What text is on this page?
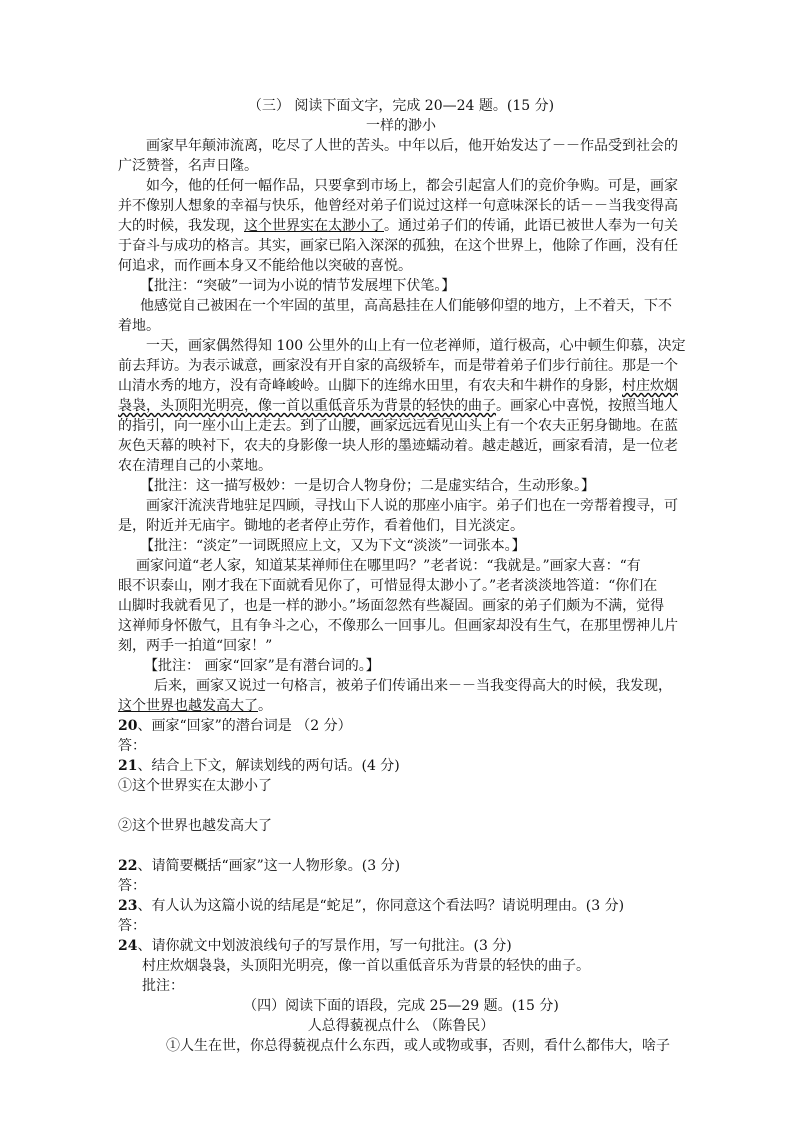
（三） 阅读下面文字，完成 20—24 题。(15 分)
一样的渺小
画家早年颠沛流离，吃尽了人世的苦头。中年以后，他开始发达了－－作品受到社会的
广泛赞誉，名声日隆。
如今，他的任何一幅作品，只要拿到市场上，都会引起富人们的竞价争购。可是，画家
并不像别人想象的幸福与快乐，他曾经对弟子们说过这样一句意味深长的话－－当我变得高
大的时候，我发现，这个世界实在太渺小了。通过弟子们的传诵，此语已被世人奉为一句关
于奋斗与成功的格言。其实，画家已陷入深深的孤独，在这个世界上，他除了作画，没有任
何追求，而作画本身又不能给他以突破的喜悦。
【批注：“突破”一词为小说的情节发展埋下伏笔。】
他感觉自己被困在一个牢固的茧里，高高悬挂在人们能够仰望的地方，上不着天，下不
着地。
一天，画家偶然得知 100 公里外的山上有一位老禅师，道行极高，心中顿生仰慕，决定
前去拜访。为表示诚意，画家没有开自家的高级轿车，而是带着弟子们步行前往。那是一个
山清水秀的地方，没有奇峰峻岭。山脚下的连绵水田里，有农夫和牛耕作的身影，村庄炊烟
袅袅，头顶阳光明亮，像一首以重低音乐为背景的轻快的曲子。画家心中喜悦，按照当地人
的指引，向一座小山上走去。到了山腰，画家远远看见山头上有一个农夫正躬身锄地。在蓝
灰色天幕的映衬下，农夫的身影像一块人形的墨迹蠕动着。越走越近，画家看清，是一位老
农在清理自己的小菜地。
【批注：这一描写极妙：一是切合人物身份；二是虚实结合，生动形象。】
画家汗流浃背地驻足四顾，寻找山下人说的那座小庙宇。弟子们也在一旁帮着搜寻，可
是，附近并无庙宇。锄地的老者停止劳作，看着他们，目光淡定。
【批注：“淡定”一词既照应上文，又为下文“淡淡”一词张本。】
画家问道“老人家，知道某某禅师住在哪里吗？”老者说：“我就是。”画家大喜：“有
眼不识泰山，刚才我在下面就看见你了，可惜显得太渺小了。”老者淡淡地答道：“你们在
山脚时我就看见了，也是一样的渺小。”场面忽然有些凝固。画家的弟子们颇为不满，觉得
这禅师身怀傲气，且有争斗之心，不像那么一回事儿。但画家却没有生气，在那里愣神儿片
刻，两手一拍道“回家！”
【批注： 画家“回家”是有潜台词的。】
后来，画家又说过一句格言，被弟子们传诵出来－－当我变得高大的时候，我发现，
这个世界也越发高大了。
20、画家“回家”的潜台词是 （2 分）
答：
21、结合上下文，解读划线的两句话。(4 分)
①这个世界实在太渺小了
②这个世界也越发高大了
22、请简要概括“画家”这一人物形象。(3 分)
答：
23、有人认为这篇小说的结尾是“蛇足”，你同意这个看法吗？请说明理由。(3 分)
答：
24、请你就文中划波浪线句子的写景作用，写一句批注。(3 分)
村庄炊烟袅袅，头顶阳光明亮，像一首以重低音乐为背景的轻快的曲子。
批注：
（四）阅读下面的语段，完成 25—29 题。(15 分)
人总得藐视点什么 （陈鲁民）
①人生在世，你总得藐视点什么东西，或人或物或事，否则，看什么都伟大，啥子
